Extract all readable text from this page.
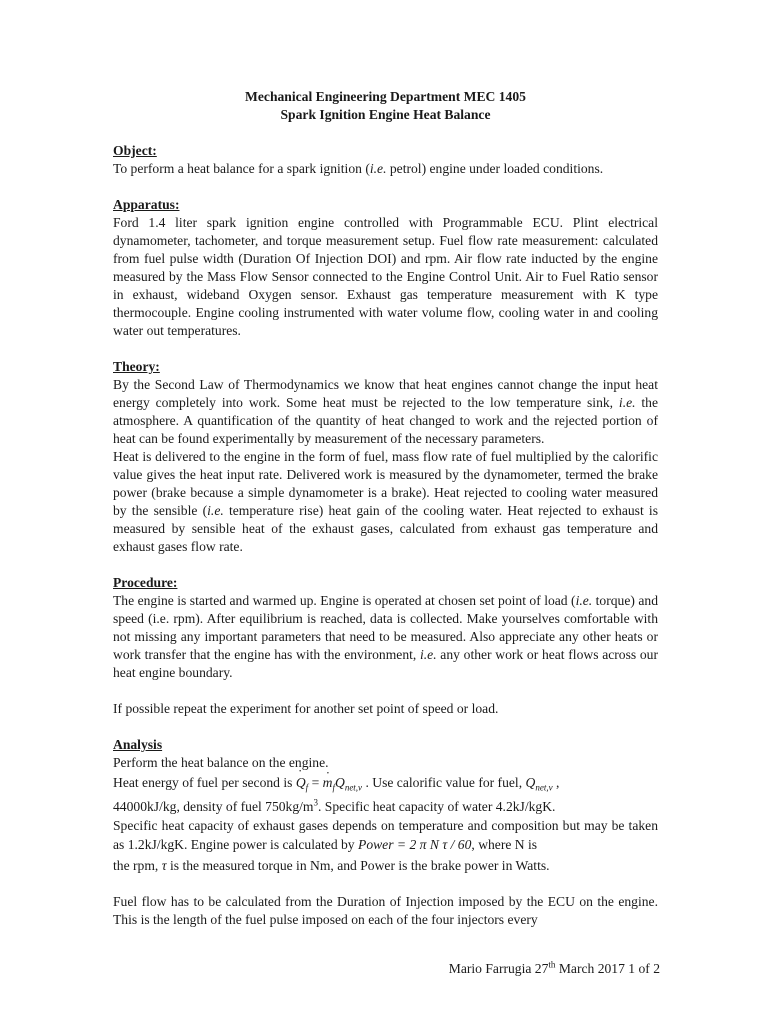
Mechanical Engineering Department MEC 1405
Spark Ignition Engine Heat Balance

Object:

To perform a heat balance for a spark ignition (i.e. petrol) engine under loaded conditions.

Apparatus:

Ford 1.4 liter spark ignition engine controlled with Programmable ECU. Plint electrical dynamometer, tachometer, and torque measurement setup. Fuel flow rate measurement: calculated from fuel pulse width (Duration Of Injection DOI) and rpm. Air flow rate inducted by the engine measured by the Mass Flow Sensor connected to the Engine Control Unit. Air to Fuel Ratio sensor in exhaust, wideband Oxygen sensor. Exhaust gas temperature measurement with K type thermocouple. Engine cooling instrumented with water volume flow, cooling water in and cooling water out temperatures.

Theory:

By the Second Law of Thermodynamics we know that heat engines cannot change the input heat energy completely into work. Some heat must be rejected to the low temperature sink, i.e. the atmosphere. A quantification of the quantity of heat changed to work and the rejected portion of heat can be found experimentally by measurement of the necessary parameters.

Heat is delivered to the engine in the form of fuel, mass flow rate of fuel multiplied by the calorific value gives the heat input rate. Delivered work is measured by the dynamometer, termed the brake power (brake because a simple dynamometer is a brake). Heat rejected to cooling water measured by the sensible (i.e. temperature rise) heat gain of the cooling water. Heat rejected to exhaust is measured by sensible heat of the exhaust gases, calculated from exhaust gas temperature and exhaust gases flow rate.

Procedure:

The engine is started and warmed up. Engine is operated at chosen set point of load (i.e. torque) and speed (i.e. rpm). After equilibrium is reached, data is collected. Make yourselves comfortable with not missing any important parameters that need to be measured. Also appreciate any other heats or work transfer that the engine has with the environment, i.e. any other work or heat flows across our heat engine boundary.

If possible repeat the experiment for another set point of speed or load.

Analysis

Perform the heat balance on the engine.

Heat energy of fuel per second is ˙ $Q_f$ = ˙ $m_fQ_{net,v}$ . Use calorific value for fuel, $Q_{net,v}$ ,

44000kJ/kg, density of fuel $750kg/m^3$. Specific heat capacity of water 4.2kJ/kgK.

Specific heat capacity of exhaust gases depends on temperature and composition but may be taken as 1.2kJ/kgK. Engine power is calculated by Power = 2 π N τ / 60, where N is

the rpm, τ is the measured torque in Nm, and Power is the brake power in Watts.

Fuel flow has to be calculated from the Duration of Injection imposed by the ECU on the engine. This is the length of the fuel pulse imposed on each of the four injectors every

Mario Farrugia 27th March 2017 1 of 2
